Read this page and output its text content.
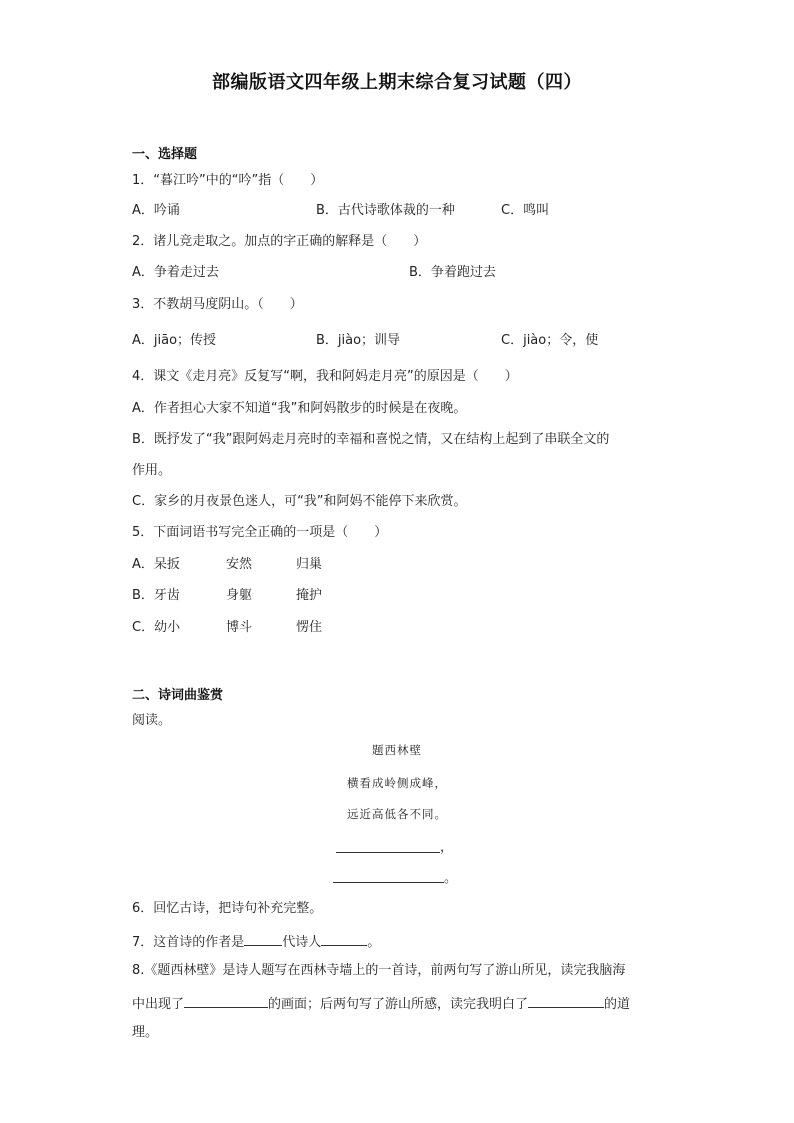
部编版语文四年级上期末综合复习试题（四）
一、选择题
1．“暮江吟”中的“吟”指（　　）
A．吟诵	B．古代诗歌体裁的一种	C．鸣叫
2．诸儿竞走取之。加点的字正确的解释是（　　）
A．争着走过去	B．争着跑过去
3．不教胡马度阴山。（　　）
A．jiāo；传授	B．jiào；训导	C．jiào；令，使
4．课文《走月亮》反复写“啊，我和阿妈走月亮”的原因是（　　）
A．作者担心大家不知道“我”和阿妈散步的时候是在夜晚。
B．既抒发了“我”跟阿妈走月亮时的幸福和喜悦之情，又在结构上起到了串联全文的
作用。
C．家乡的月夜景色迷人，可“我”和阿妈不能停下来欣赏。
5．下面词语书写完全正确的一项是（　　）
A．呆扳	安然	归巢
B．牙齿	身躯	掩护
C．幼小	博斗	愣住
二、诗词曲鉴赏
阅读。
题西林壁
横看成岭侧成峰，
远近高低各不同。
，
。
6．回忆古诗，把诗句补充完整。
7．这首诗的作者是	代诗人	。
8.《题西林壁》是诗人题写在西林寺墙上的一首诗，前两句写了游山所见，读完我脑海
中出现了	的画面；后两句写了游山所感，读完我明白了	的道
理。
